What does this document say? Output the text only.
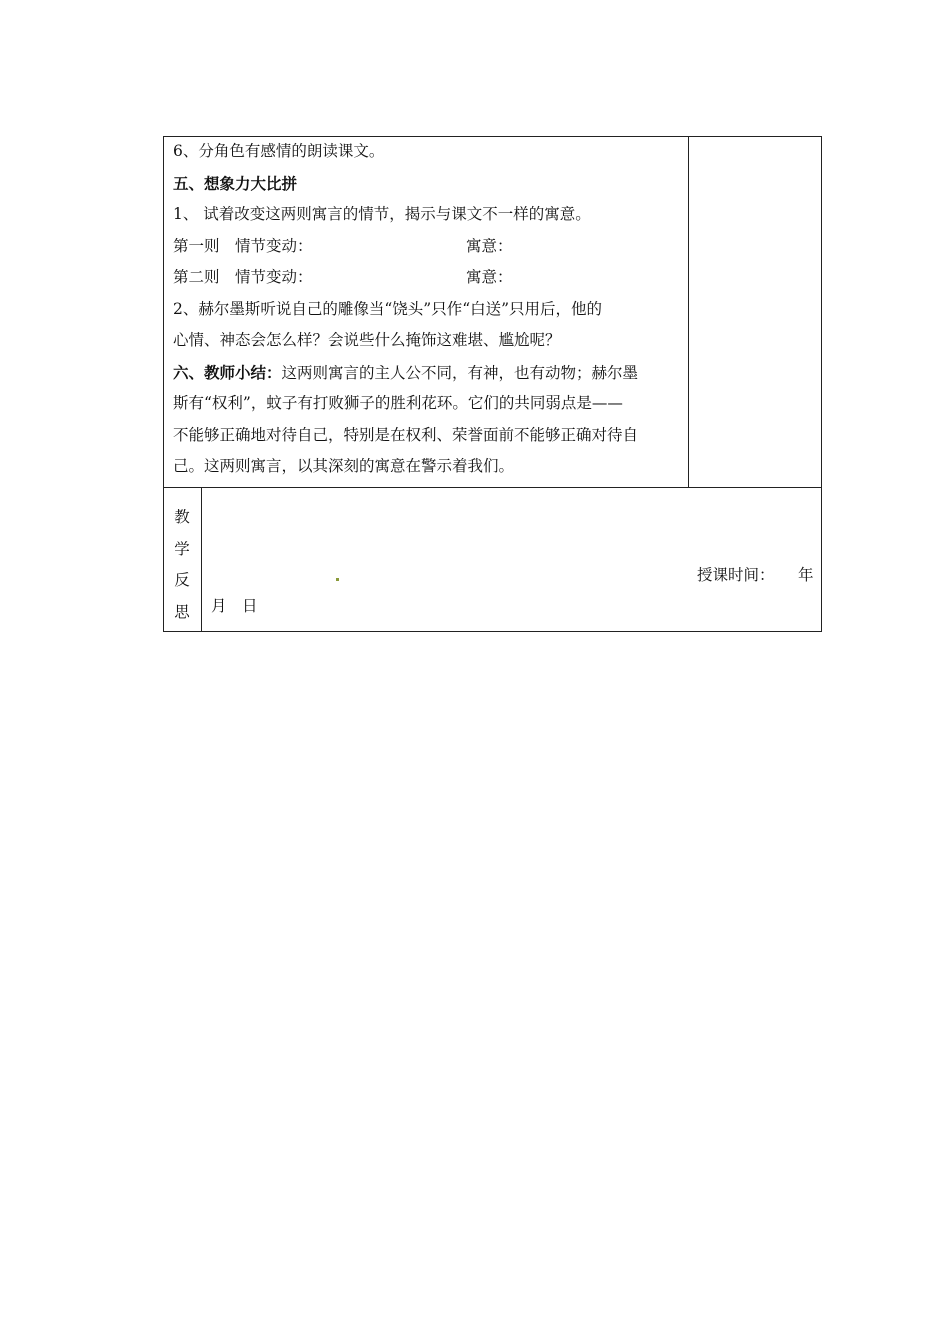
6、分角色有感情的朗读课文。
五、想象力大比拼
1、 试着改变这两则寓言的情节，揭示与课文不一样的寓意。
第一则　情节变动：	寓意：
第二则　情节变动：	寓意：
2、赫尔墨斯听说自己的雕像当“饶头”只作“白送”只用后，他的
心情、神态会怎么样？会说些什么掩饰这难堪、尴尬呢？
六、教师小结：这两则寓言的主人公不同，有神，也有动物；赫尔墨
斯有“权利”，蚊子有打败狮子的胜利花环。它们的共同弱点是——
不能够正确地对待自己，特别是在权利、荣誉面前不能够正确对待自
己。这两则寓言，以其深刻的寓意在警示着我们。
教
学
反
思
授课时间： 年
月　日
